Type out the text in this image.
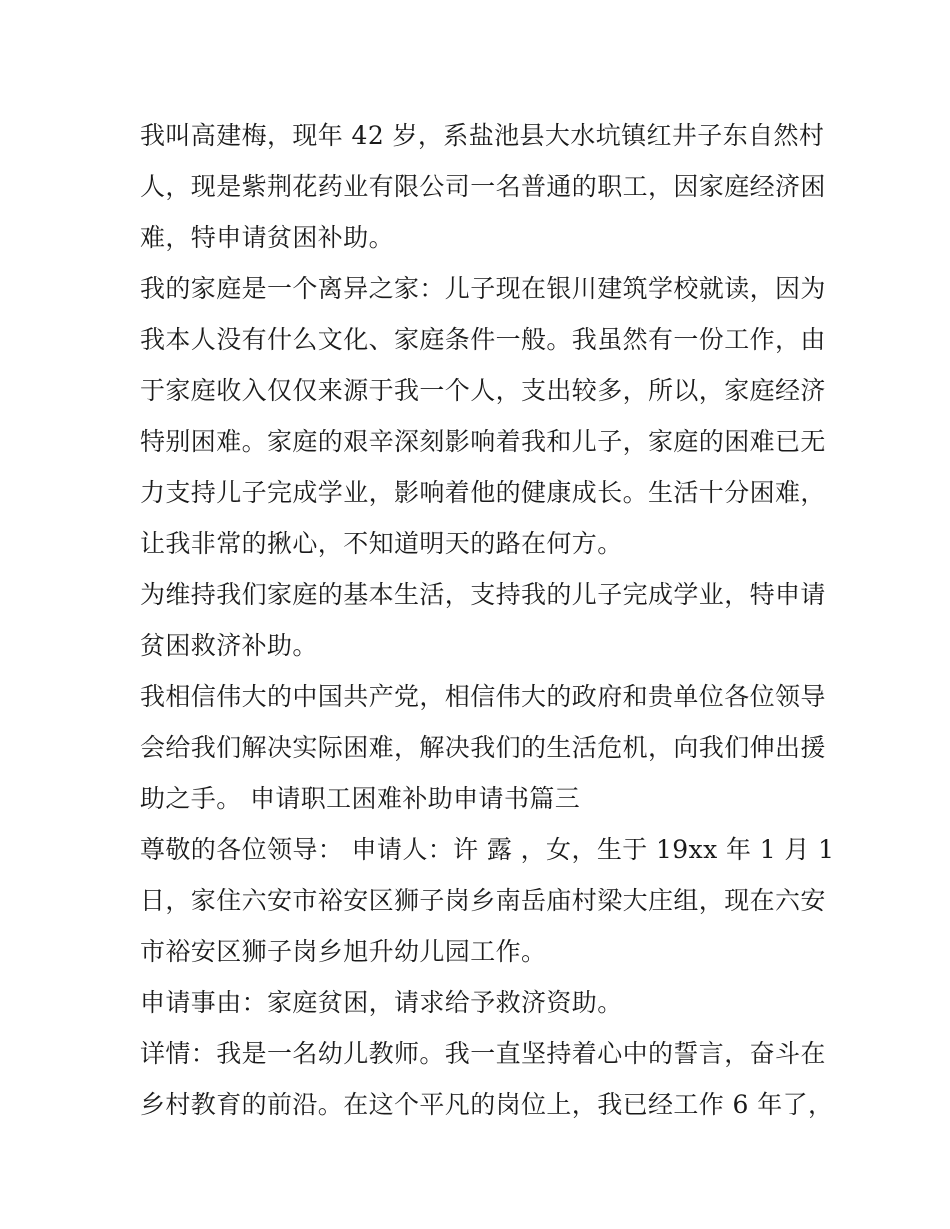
我叫高建梅，现年 42 岁，系盐池县大水坑镇红井子东自然村
人，现是紫荆花药业有限公司一名普通的职工，因家庭经济困
难，特申请贫困补助。
我的家庭是一个离异之家：儿子现在银川建筑学校就读，因为
我本人没有什么文化、家庭条件一般。我虽然有一份工作，由
于家庭收入仅仅来源于我一个人，支出较多，所以，家庭经济
特别困难。家庭的艰辛深刻影响着我和儿子，家庭的困难已无
力支持儿子完成学业，影响着他的健康成长。生活十分困难，
让我非常的揪心，不知道明天的路在何方。
为维持我们家庭的基本生活，支持我的儿子完成学业，特申请
贫困救济补助。
我相信伟大的中国共产党，相信伟大的政府和贵单位各位领导
会给我们解决实际困难，解决我们的生活危机，向我们伸出援
助之手。 申请职工困难补助申请书篇三
尊敬的各位领导： 申请人：许 露 ，女，生于 19xx 年 1 月 1
日，家住六安市裕安区狮子岗乡南岳庙村梁大庄组，现在六安
市裕安区狮子岗乡旭升幼儿园工作。
申请事由：家庭贫困，请求给予救济资助。
详情：我是一名幼儿教师。我一直坚持着心中的誓言，奋斗在
乡村教育的前沿。在这个平凡的岗位上，我已经工作 6 年了，
